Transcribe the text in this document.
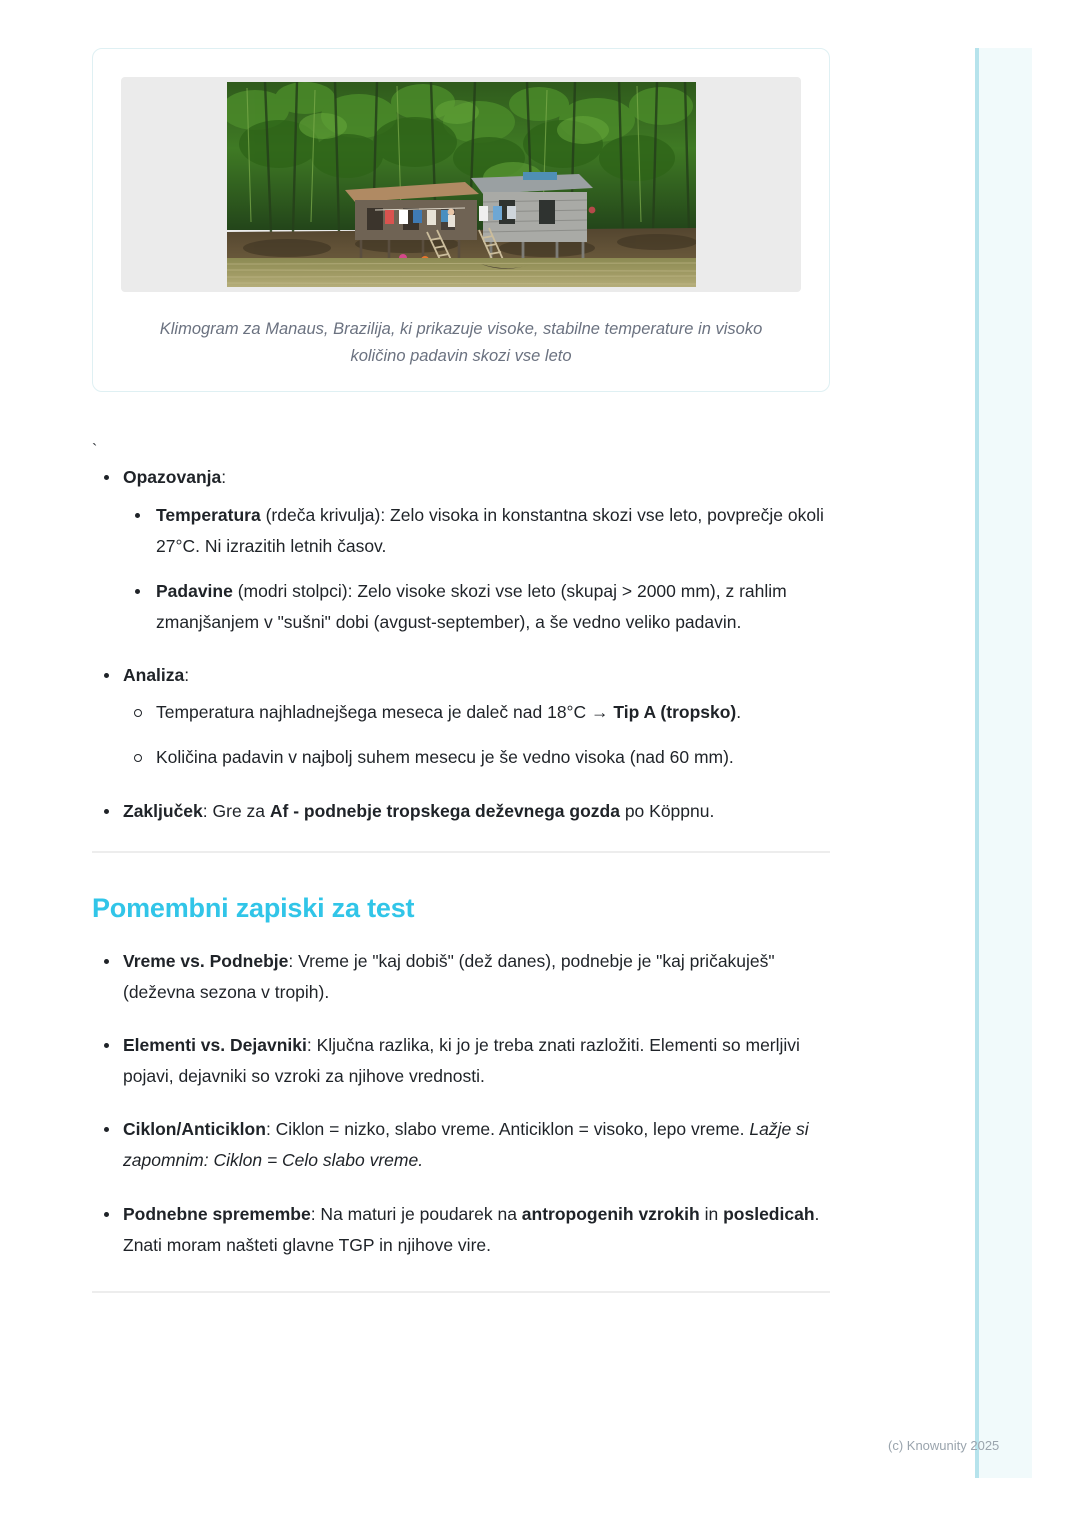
Klimogram za Manaus, Brazilija, ki prikazuje visoke, stabilne temperature in visoko količino padavin skozi vse leto
`
Opazovanja:
Temperatura (rdeča krivulja): Zelo visoka in konstantna skozi vse leto, povprečje okoli 27°C. Ni izrazitih letnih časov.
Padavine (modri stolpci): Zelo visoke skozi vse leto (skupaj > 2000 mm), z rahlim zmanjšanjem v "sušni" dobi (avgust-september), a še vedno veliko padavin.
Analiza:
Temperatura najhladnejšega meseca je daleč nad 18°C → Tip A (tropsko).
Količina padavin v najbolj suhem mesecu je še vedno visoka (nad 60 mm).
Zaključek: Gre za Af - podnebje tropskega deževnega gozda po Köppnu.
Pomembni zapiski za test
Vreme vs. Podnebje: Vreme je "kaj dobiš" (dež danes), podnebje je "kaj pričakuješ" (deževna sezona v tropih).
Elementi vs. Dejavniki: Ključna razlika, ki jo je treba znati razložiti. Elementi so merljivi pojavi, dejavniki so vzroki za njihove vrednosti.
Ciklon/Anticiklon: Ciklon = nizko, slabo vreme. Anticiklon = visoko, lepo vreme. Lažje si zapomnim: Ciklon = Celo slabo vreme.
Podnebne spremembe: Na maturi je poudarek na antropogenih vzrokih in posledicah. Znati moram našteti glavne TGP in njihove vire.
(c) Knowunity 2025
